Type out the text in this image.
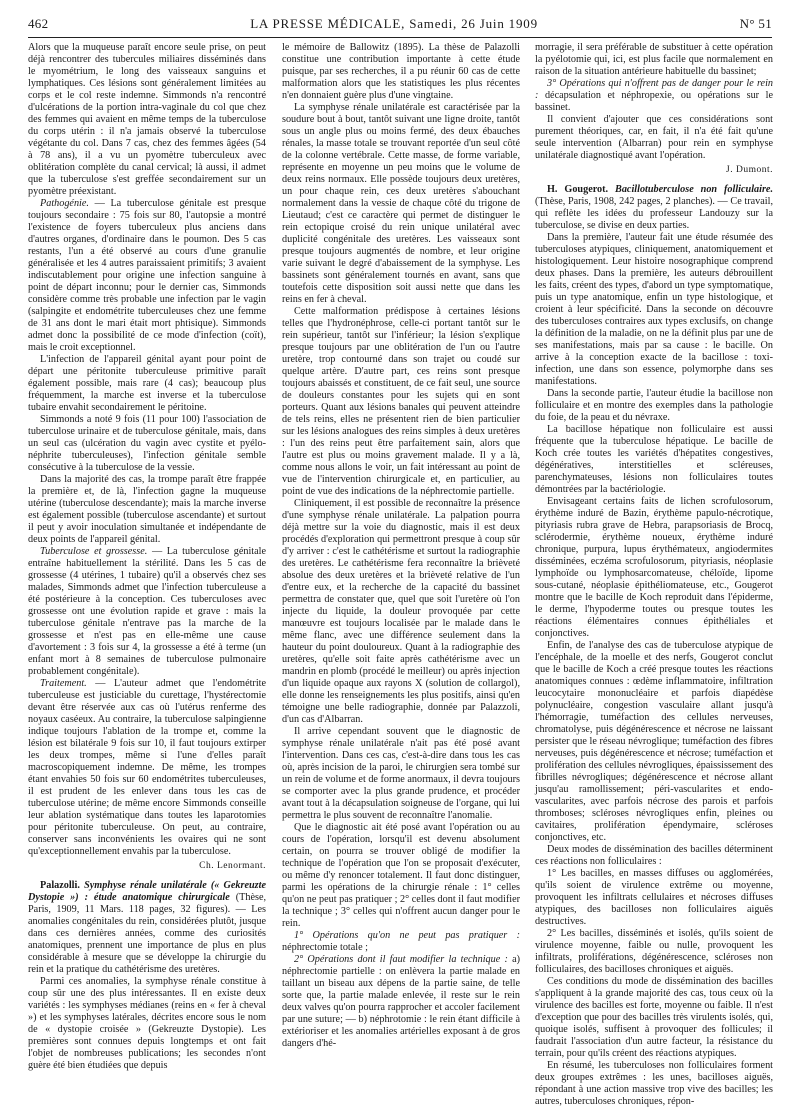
462	LA PRESSE MÉDICALE, Samedi, 26 Juin 1909	N° 51

Alors que la muqueuse paraît encore seule prise, on peut déjà rencontrer des tubercules miliaires disséminés dans le myométrium, le long des vaisseaux sanguins et lymphatiques. Ces lésions sont généralement limitées au corps et le col reste indemne. Simmonds n'a rencontré d'ulcérations de la portion intra-vaginale du col que chez des femmes qui avaient en même temps de la tuberculose du corps utérin : il n'a jamais observé la tuberculose végétante du col. Dans 7 cas, chez des femmes âgées (54 à 78 ans), il a vu un pyomètre tuberculeux avec oblitération complète du canal cervical; là aussi, il admet que la tuberculose s'est greffée secondairement sur un pyomètre préexistant.

Pathogénie. — La tuberculose génitale est presque toujours secondaire : 75 fois sur 80, l'autopsie a montré l'existence de foyers tuberculeux plus anciens dans d'autres organes, d'ordinaire dans le poumon. Des 5 cas restants, l'un a été observé au cours d'une granulie généralisée et les 4 autres paraissaient primitifs; 3 avaient indiscutablement pour origine une infection sanguine à point de départ inconnu; pour le dernier cas, Simmonds considère comme très probable une infection par le vagin (salpingite et endométrite tuberculeuses chez une femme de 31 ans dont le mari était mort phtisique). Simmonds admet donc la possibilité de ce mode d'infection (coït), mais le croit exceptionnel.

L'infection de l'appareil génital ayant pour point de départ une péritonite tuberculeuse primitive paraît également possible, mais rare (4 cas); beaucoup plus fréquemment, la marche est inverse et la tuberculose tubaire envahit secondairement le péritoine.

Simmonds a noté 9 fois (11 pour 100) l'association de tuberculose urinaire et de tuberculose génitale, mais, dans un seul cas (ulcération du vagin avec cystite et pyélo-néphrite tuberculeuses), l'infection génitale semble consécutive à la tuberculose de la vessie.

Dans la majorité des cas, la trompe paraît être frappée la première et, de là, l'infection gagne la muqueuse utérine (tuberculose descendante); mais la marche inverse est également possible (tuberculose ascendante) et surtout il peut y avoir inoculation simultanée et indépendante de deux points de l'appareil génital.

Tuberculose et grossesse. — La tuberculose génitale entraîne habituellement la stérilité. Dans les 5 cas de grossesse (4 utérines, 1 tubaire) qu'il a observés chez ses malades, Simmonds admet que l'infection tuberculeuse a été postérieure à la conception. Ces tuberculoses avec grossesse ont une évolution rapide et grave : mais la tuberculose génitale n'entrave pas la marche de la grossesse et n'est pas en elle-même une cause d'avortement : 3 fois sur 4, la grossesse a été à terme (un enfant mort à 8 semaines de tuberculose pulmonaire probablement congénitale).

Traitement. — L'auteur admet que l'endométrite tuberculeuse est justiciable du curettage, l'hystérectomie devant être réservée aux cas où l'utérus renferme des noyaux caséeux. Au contraire, la tuberculose salpingienne indique toujours l'ablation de la trompe et, comme la lésion est bilatérale 9 fois sur 10, il faut toujours extirper les deux trompes, même si l'une d'elles paraît macroscopiquement indemne. De même, les trompes étant envahies 50 fois sur 60 endométrites tuberculeuses, il est prudent de les enlever dans tous les cas de tuberculose utérine; de même encore Simmonds conseille leur ablation systématique dans toutes les laparotomies pour péritonite tuberculeuse. On peut, au contraire, conserver sans inconvénients les ovaires qui ne sont qu'exceptionnellement envahis par la tuberculose.

Ch. Lenormant.

Palazolli. Symphyse rénale unilatérale (« Gekreuzte Dystopie ») : étude anatomique chirurgicale (Thèse, Paris, 1909, 11 Mars. 118 pages, 32 figures). — Les anomalies congénitales du rein, considérées plutôt, jusque dans ces dernières années, comme des curiosités anatomiques, prennent une importance de plus en plus considérable à mesure que se développe la chirurgie du rein et la pratique du cathétérisme des uretères.

Parmi ces anomalies, la symphyse rénale constitue à coup sûr une des plus intéressantes. Il en existe deux variétés : les symphyses médianes (reins en « fer à cheval ») et les symphyses latérales, décrites encore sous le nom de « dystopie croisée » (Gekreuzte Dystopie). Les premières sont connues depuis longtemps et ont fait l'objet de nombreuses publications; les secondes n'ont guère été bien étudiées que depuis

le mémoire de Ballowitz (1895). La thèse de Palazolli constitue une contribution importante à cette étude puisque, par ses recherches, il a pu réunir 60 cas de cette malformation alors que les statistiques les plus récentes n'en donnaient guère plus d'une vingtaine.

La symphyse rénale unilatérale est caractérisée par la soudure bout à bout, tantôt suivant une ligne droite, tantôt sous un angle plus ou moins fermé, des deux ébauches rénales, la masse totale se trouvant reportée d'un seul côté de la colonne vertébrale. Cette masse, de forme variable, représente en moyenne un peu moins que le volume de deux reins normaux. Elle possède toujours deux uretères, un pour chaque rein, ces deux uretères s'abouchant normalement dans la vessie de chaque côté du trigone de Lieutaud; c'est ce caractère qui permet de distinguer le rein ectopique croisé du rein unique unilatéral avec duplicité congénitale des uretères. Les vaisseaux sont presque toujours augmentés de nombre, et leur origine varie suivant le degré d'abaissement de la symphyse. Les bassinets sont généralement tournés en avant, sans que toutefois cette disposition soit aussi nette que dans les reins en fer à cheval.

Cette malformation prédispose à certaines lésions telles que l'hydronéphrose, celle-ci portant tantôt sur le rein supérieur, tantôt sur l'inférieur; la lésion s'explique presque toujours par une oblitération de l'un ou l'autre uretère, trop contourné dans son trajet ou coudé sur quelque artère. D'autre part, ces reins sont presque toujours abaissés et constituent, de ce fait seul, une source de douleurs constantes pour les sujets qui en sont porteurs. Quant aux lésions banales qui peuvent atteindre de tels reins, elles ne présentent rien de bien particulier sur les lésions analogues des reins simples à deux uretères : l'un des reins peut être parfaitement sain, alors que l'autre est plus ou moins gravement malade. Il y a là, comme nous allons le voir, un fait intéressant au point de vue de l'intervention chirurgicale et, en particulier, au point de vue des indications de la néphrectomie partielle.

Cliniquement, il est possible de reconnaître la présence d'une symphyse rénale unilatérale. La palpation pourra déjà mettre sur la voie du diagnostic, mais il est deux procédés d'exploration qui permettront presque à coup sûr d'y arriver : c'est le cathétérisme et surtout la radiographie des uretères. Le cathétérisme fera reconnaître la brièveté absolue des deux uretères et la brièveté relative de l'un d'entre eux, et la recherche de la capacité du bassinet permettra de constater que, quel que soit l'uretère où l'on injecte du liquide, la douleur provoquée par cette manœuvre est toujours localisée par le malade dans le même flanc, avec une différence seulement dans la hauteur du point douloureux. Quant à la radiographie des uretères, qu'elle soit faite après cathétérisme avec un mandrin en plomb (procédé le meilleur) ou après injection d'un liquide opaque aux rayons X (solution de collargol), elle donne les renseignements les plus positifs, ainsi qu'en témoigne une belle radiographie, donnée par Palazzoli, d'un cas d'Albarran.

Il arrive cependant souvent que le diagnostic de symphyse rénale unilatérale n'ait pas été posé avant l'intervention. Dans ces cas, c'est-à-dire dans tous les cas où, après incision de la paroi, le chirurgien sera tombé sur un rein de volume et de forme anormaux, il devra toujours se comporter avec la plus grande prudence, et procéder avant tout à la décapsulation soigneuse de l'organe, qui lui permettra le plus souvent de reconnaître l'anomalie.

Que le diagnostic ait été posé avant l'opération ou au cours de l'opération, lorsqu'il est devenu absolument certain, on pourra se trouver obligé de modifier la technique de l'opération que l'on se proposait d'exécuter, ou même d'y renoncer totalement. Il faut donc distinguer, parmi les opérations de la chirurgie rénale : 1° celles qu'on ne peut pas pratiquer ; 2° celles dont il faut modifier la technique ; 3° celles qui n'offrent aucun danger pour le rein.

1° Opérations qu'on ne peut pas pratiquer : néphrectomie totale ;

2° Opérations dont il faut modifier la technique : a) néphrectomie partielle : on enlèvera la partie malade en taillant un biseau aux dépens de la partie saine, de telle sorte que, la partie malade enlevée, il reste sur le rein deux valves qu'on pourra rapprocher et accoler facilement par une suture; — b) néphrotomie : le rein étant difficile à extérioriser et les anomalies artérielles exposant à de gros dangers d'hé-

morragie, il sera préférable de substituer à cette opération la pyélotomie qui, ici, est plus facile que normalement en raison de la situation antérieure habituelle du bassinet;

3° Opérations qui n'offrent pas de danger pour le rein : décapsulation et néphropexie, ou opérations sur le bassinet.

Il convient d'ajouter que ces considérations sont purement théoriques, car, en fait, il n'a été fait qu'une seule intervention (Albarran) pour rein en symphyse unilatérale diagnostiqué avant l'opération.

J. Dumont.

H. Gougerot. Bacillotuberculose non folliculaire. (Thèse, Paris, 1908, 242 pages, 2 planches). — Ce travail, qui reflète les idées du professeur Landouzy sur la tuberculose, se divise en deux parties.

Dans la première, l'auteur fait une étude résumée des tuberculoses atypiques, cliniquement, anatomiquement et histologiquement. Leur histoire nosographique comprend deux phases. Dans la première, les auteurs débrouillent les faits, créent des types, d'abord un type symptomatique, puis un type anatomique, enfin un type histologique, et croient à leur spécificité. Dans la seconde on découvre des tuberculoses contraires aux types exclusifs, on change la définition de la maladie, on ne la définit plus par une de ses manifestations, mais par sa cause : le bacille. On arrive à la conception exacte de la bacillose : toxi-infection, une dans son essence, polymorphe dans ses manifestations.

Dans la seconde partie, l'auteur étudie la bacillose non folliculaire et en montre des exemples dans la pathologie du foie, de la peau et du névraxe.

La bacillose hépatique non folliculaire est aussi fréquente que la tuberculose hépatique. Le bacille de Koch crée toutes les variétés d'hépatites congestives, dégénératives, interstitielles et scléreuses, parenchymateuses, lésions non folliculaires toutes démontrées par la bactériologie.

Envisageant certains faits de lichen scrofulosorum, érythème induré de Bazin, érythème papulo-nécrotique, pityriasis rubra grave de Hebra, parapsoriasis de Brocq, sclérodermie, érythème noueux, érythème induré chronique, purpura, lupus érythémateux, angiodermites disséminées, eczéma scrofulosorum, pityriasis, néoplasie lymphoïde ou lymphosarcomateuse, chéloïde, lipome sous-cutané, néoplasie épithéliomateuse, etc., Gougerot montre que le bacille de Koch reproduit dans l'épiderme, le derme, l'hypoderme toutes ou presque toutes les réactions élémentaires connues épithéliales et conjonctives.

Enfin, de l'analyse des cas de tuberculose atypique de l'encéphale, de la moelle et des nerfs, Gougerot conclut que le bacille de Koch a créé presque toutes les réactions anatomiques connues : œdème inflammatoire, infiltration leucocytaire mononucléaire et parfois diapédèse polynucléaire, congestion vasculaire allant jusqu'à l'hémorragie, tuméfaction des cellules nerveuses, chromatolyse, puis dégénérescence et nécrose ne laissant persister que le réseau névroglique; tuméfaction des fibres nerveuses, puis dégénérescence et nécrose; tuméfaction et prolifération des cellules névrogliques, épaississement des fibrilles névrogliques; dégénérescence et nécrose allant jusqu'au ramollissement; péri-vascularites et endo-vascularites, avec parfois nécrose des parois et parfois thromboses; scléroses névrogliques enfin, pleines ou cavitaires, prolifération épendymaire, scléroses conjonctives, etc.

Deux modes de dissémination des bacilles déterminent ces réactions non folliculaires :

1° Les bacilles, en masses diffuses ou agglomérées, qu'ils soient de virulence extrême ou moyenne, provoquent les infiltrats cellulaires et nécroses diffuses atypiques, des bacilloses non folliculaires aiguës destructives.

2° Les bacilles, disséminés et isolés, qu'ils soient de virulence moyenne, faible ou nulle, provoquent les infiltrats, proliférations, dégénérescence, scléroses non folliculaires, des bacilloses chroniques et aiguës.

Ces conditions du mode de dissémination des bacilles s'appliquent à la grande majorité des cas, tous ceux où la virulence des bacilles est forte, moyenne ou faible. Il n'est d'exception que pour des bacilles très virulents isolés, qui, quoique isolés, suffisent à provoquer des follicules; il faudrait l'association d'un autre facteur, la résistance du terrain, pour qu'ils créent des réactions atypiques.

En résumé, les tuberculoses non folliculaires forment deux groupes extrêmes : les unes, bacilloses aiguës, répondant à une action massive trop vive des bacilles; les autres, tuberculoses chroniques, répon-
